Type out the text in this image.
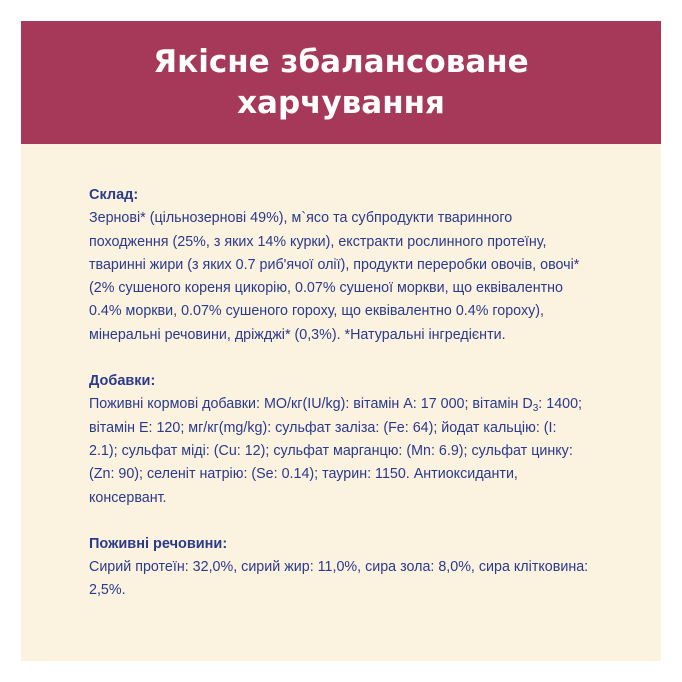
Якісне збалансоване харчування

Склад:

Зернові* (цільнозернові 49%), м`ясо та субпродукти тваринного походження (25%, з яких 14% курки), екстракти рослинного протеїну, тваринні жири (з яких 0.7 риб'ячої олії), продукти переробки овочів, овочі* (2% сушеного кореня цикорію, 0.07% сушеної моркви, що еквівалентно 0.4% моркви, 0.07% сушеного гороху, що еквівалентно 0.4% гороху), мінеральні речовини, дріжджі* (0,3%). *Натуральні інгредієнти.

Добавки:

Поживні кормові добавки: МО/кг(IU/kg): вітамін А: 17 000; вітамін $D_3$: 1400; вітамін Е: 120; мг/кг(mg/kg): сульфат заліза: (Fe: 64); йодат кальцію: (I: 2.1); сульфат міді: (Cu: 12); сульфат марганцю: (Mn: 6.9); сульфат цинку: (Zn: 90); селеніт натрію: (Se: 0.14); таурин: 1150. Антиоксиданти, консервант.

Поживні речовини:

Сирий протеїн: 32,0%, сирий жир: 11,0%, сира зола: 8,0%, сира клітковина: 2,5%.
